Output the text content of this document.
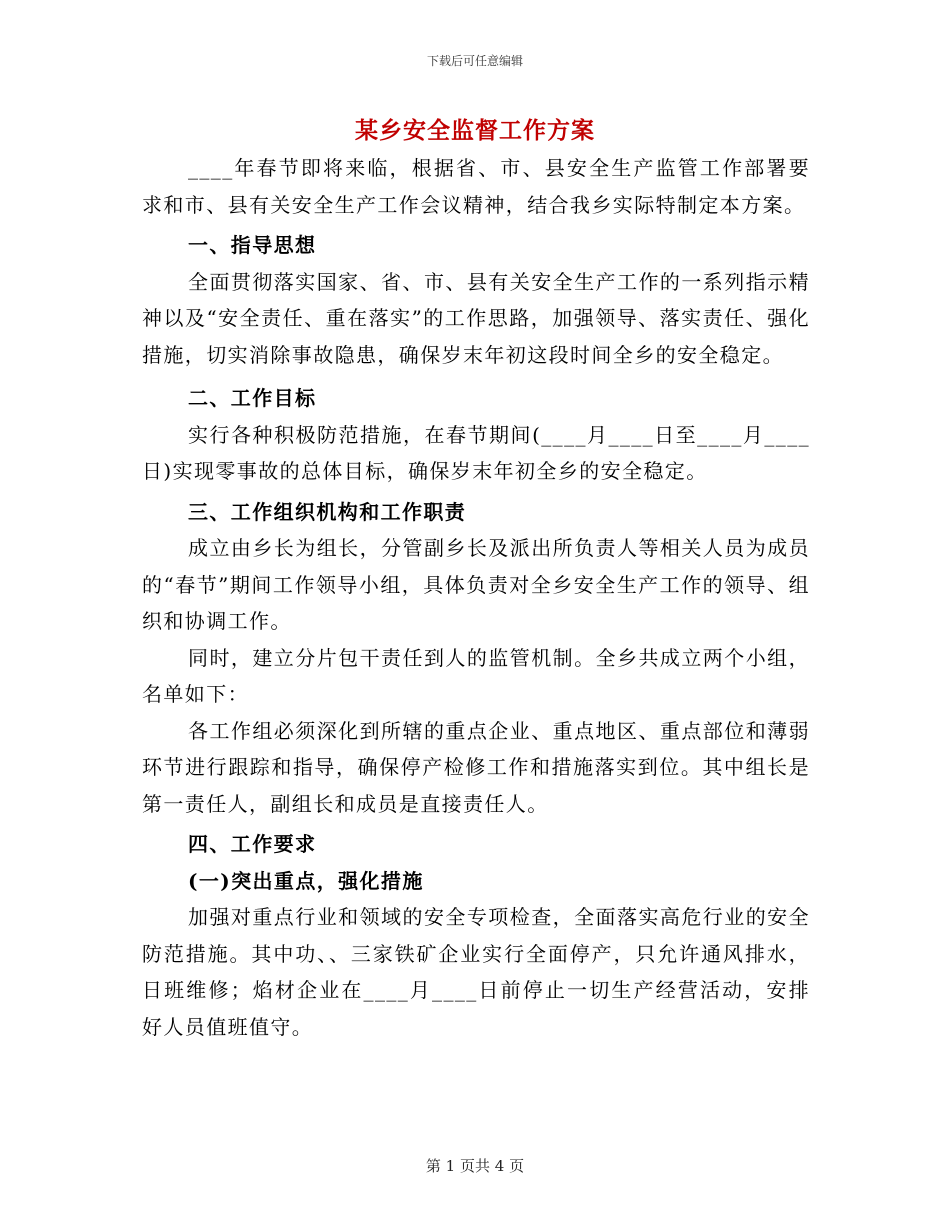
下载后可任意编辑
某乡安全监督工作方案

____年春节即将来临，根据省、市、县安全生产监管工作部署要求和市、县有关安全生产工作会议精神，结合我乡实际特制定本方案。

一、指导思想

全面贯彻落实国家、省、市、县有关安全生产工作的一系列指示精神以及“安全责任、重在落实”的工作思路，加强领导、落实责任、强化措施，切实消除事故隐患，确保岁末年初这段时间全乡的安全稳定。

二、工作目标

实行各种积极防范措施，在春节期间(____月____日至____月____日)实现零事故的总体目标，确保岁末年初全乡的安全稳定。

三、工作组织机构和工作职责

成立由乡长为组长，分管副乡长及派出所负责人等相关人员为成员的“春节”期间工作领导小组，具体负责对全乡安全生产工作的领导、组织和协调工作。

同时，建立分片包干责任到人的监管机制。全乡共成立两个小组，名单如下：

各工作组必须深化到所辖的重点企业、重点地区、重点部位和薄弱环节进行跟踪和指导，确保停产检修工作和措施落实到位。其中组长是第一责任人，副组长和成员是直接责任人。

四、工作要求

(一)突出重点，强化措施

加强对重点行业和领域的安全专项检查，全面落实高危行业的安全防范措施。其中功、、三家铁矿企业实行全面停产，只允许通风排水，日班维修；焰材企业在____月____日前停止一切生产经营活动，安排好人员值班值守。

第 1 页共 4 页
